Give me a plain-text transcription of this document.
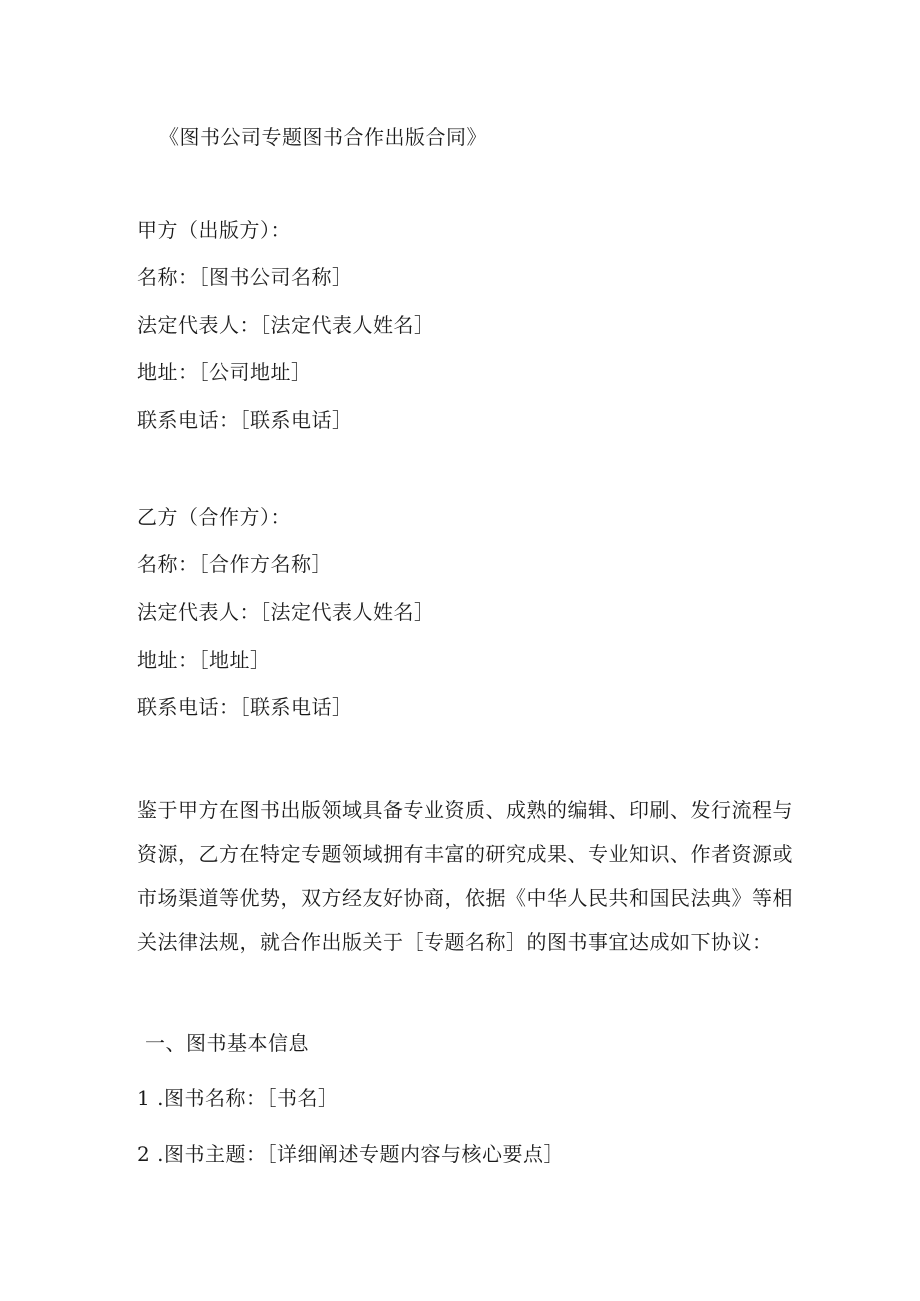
《图书公司专题图书合作出版合同》
甲方（出版方）：
名称：［图书公司名称］
法定代表人：［法定代表人姓名］
地址：［公司地址］
联系电话：［联系电话］
乙方（合作方）：
名称：［合作方名称］
法定代表人：［法定代表人姓名］
地址：［地址］
联系电话：［联系电话］
鉴于甲方在图书出版领域具备专业资质、成熟的编辑、印刷、发行流程与
资源，乙方在特定专题领域拥有丰富的研究成果、专业知识、作者资源或
市场渠道等优势，双方经友好协商，依据《中华人民共和国民法典》等相
关法律法规，就合作出版关于［专题名称］的图书事宜达成如下协议：
一、图书基本信息
1 .图书名称：［书名］
2 .图书主题：［详细阐述专题内容与核心要点］
